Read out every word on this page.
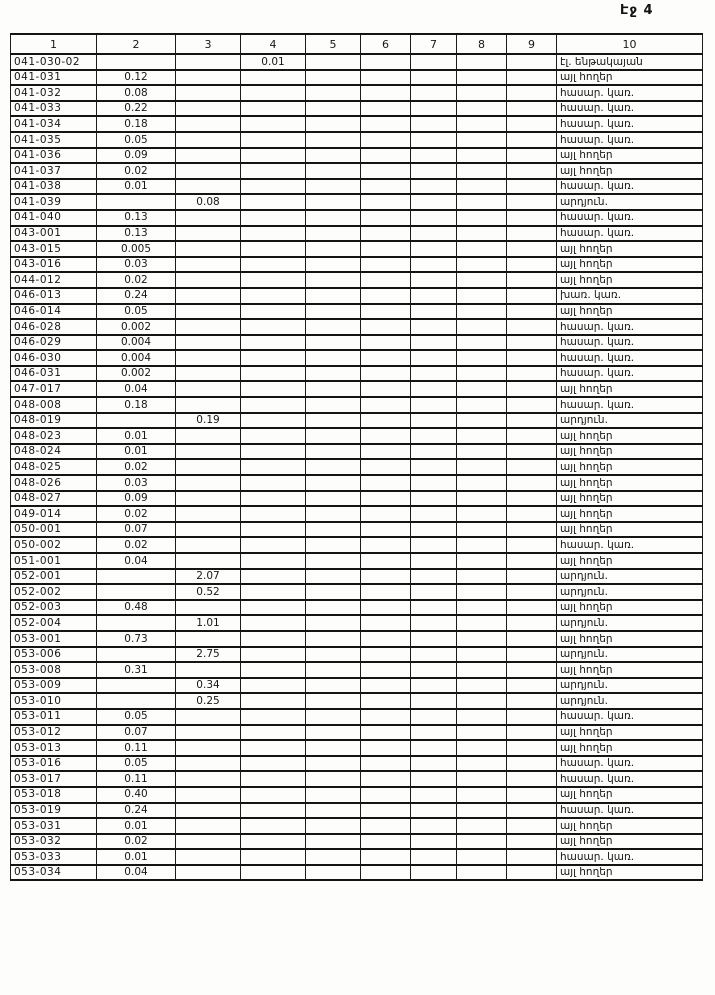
Էջ 4
1	2	3	4	5	6	7	8	9	10
041-030-02			0.01						էլ. ենթակայան
041-031	0.12								այլ հողեր
041-032	0.08								հասար. կառ.
041-033	0.22								հասար. կառ.
041-034	0.18								հասար. կառ.
041-035	0.05								հասար. կառ.
041-036	0.09								այլ հողեր
041-037	0.02								այլ հողեր
041-038	0.01								հասար. կառ.
041-039		0.08							արդյուն.
041-040	0.13								հասար. կառ.
043-001	0.13								հասար. կառ.
043-015	0.005								այլ հողեր
043-016	0.03								այլ հողեր
044-012	0.02								այլ հողեր
046-013	0.24								խառ. կառ.
046-014	0.05								այլ հողեր
046-028	0.002								հասար. կառ.
046-029	0.004								հասար. կառ.
046-030	0.004								հասար. կառ.
046-031	0.002								հասար. կառ.
047-017	0.04								այլ հողեր
048-008	0.18								հասար. կառ.
048-019		0.19							արդյուն.
048-023	0.01								այլ հողեր
048-024	0.01								այլ հողեր
048-025	0.02								այլ հողեր
048-026	0.03								այլ հողեր
048-027	0.09								այլ հողեր
049-014	0.02								այլ հողեր
050-001	0.07								այլ հողեր
050-002	0.02								հասար. կառ.
051-001	0.04								այլ հողեր
052-001		2.07							արդյուն.
052-002		0.52							արդյուն.
052-003	0.48								այլ հողեր
052-004		1.01							արդյուն.
053-001	0.73								այլ հողեր
053-006		2.75							արդյուն.
053-008	0.31								այլ հողեր
053-009		0.34							արդյուն.
053-010		0.25							արդյուն.
053-011	0.05								հասար. կառ.
053-012	0.07								այլ հողեր
053-013	0.11								այլ հողեր
053-016	0.05								հասար. կառ.
053-017	0.11								հասար. կառ.
053-018	0.40								այլ հողեր
053-019	0.24								հասար. կառ.
053-031	0.01								այլ հողեր
053-032	0.02								այլ հողեր
053-033	0.01								հասար. կառ.
053-034	0.04								այլ հողեր
